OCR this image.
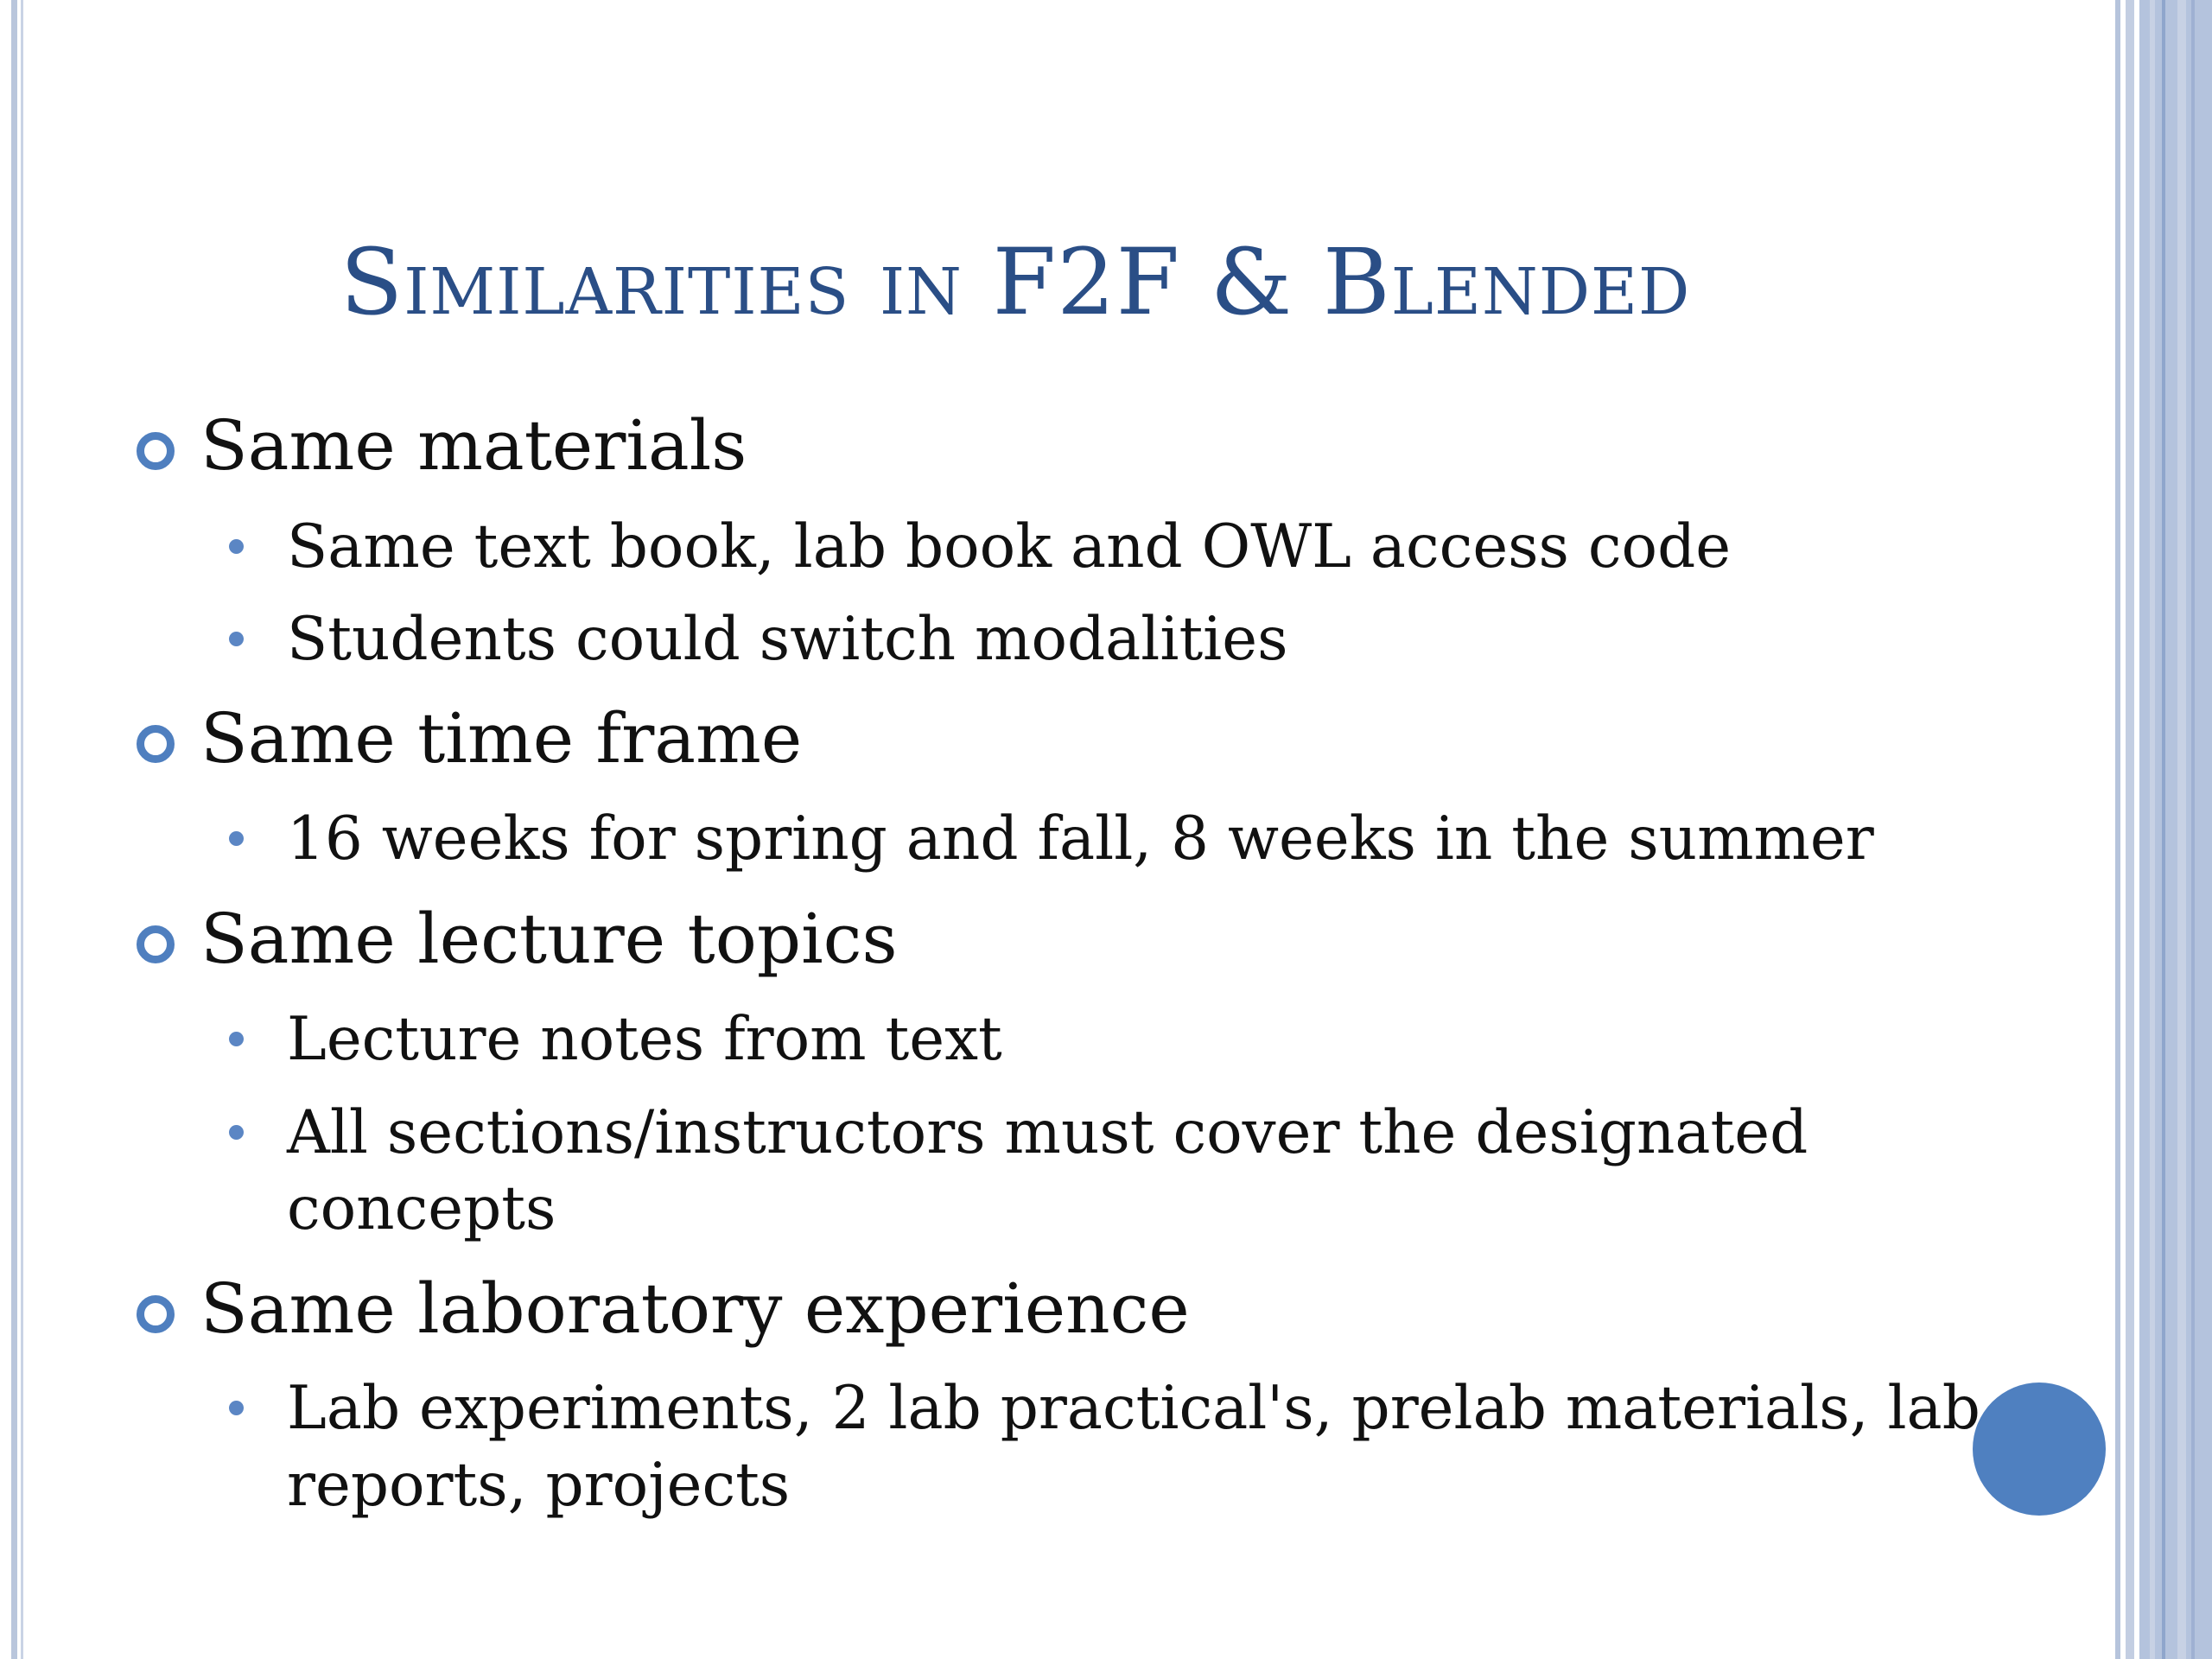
Similarities in F2F & Blended
Same materials
Same text book, lab book and OWL access code
Students could switch modalities
Same time frame
16 weeks for spring and fall, 8 weeks in the summer
Same lecture topics
Lecture notes from text
All sections/instructors must cover the designated
concepts
Same laboratory experience
Lab experiments, 2 lab practical's, prelab materials, lab
reports, projects
